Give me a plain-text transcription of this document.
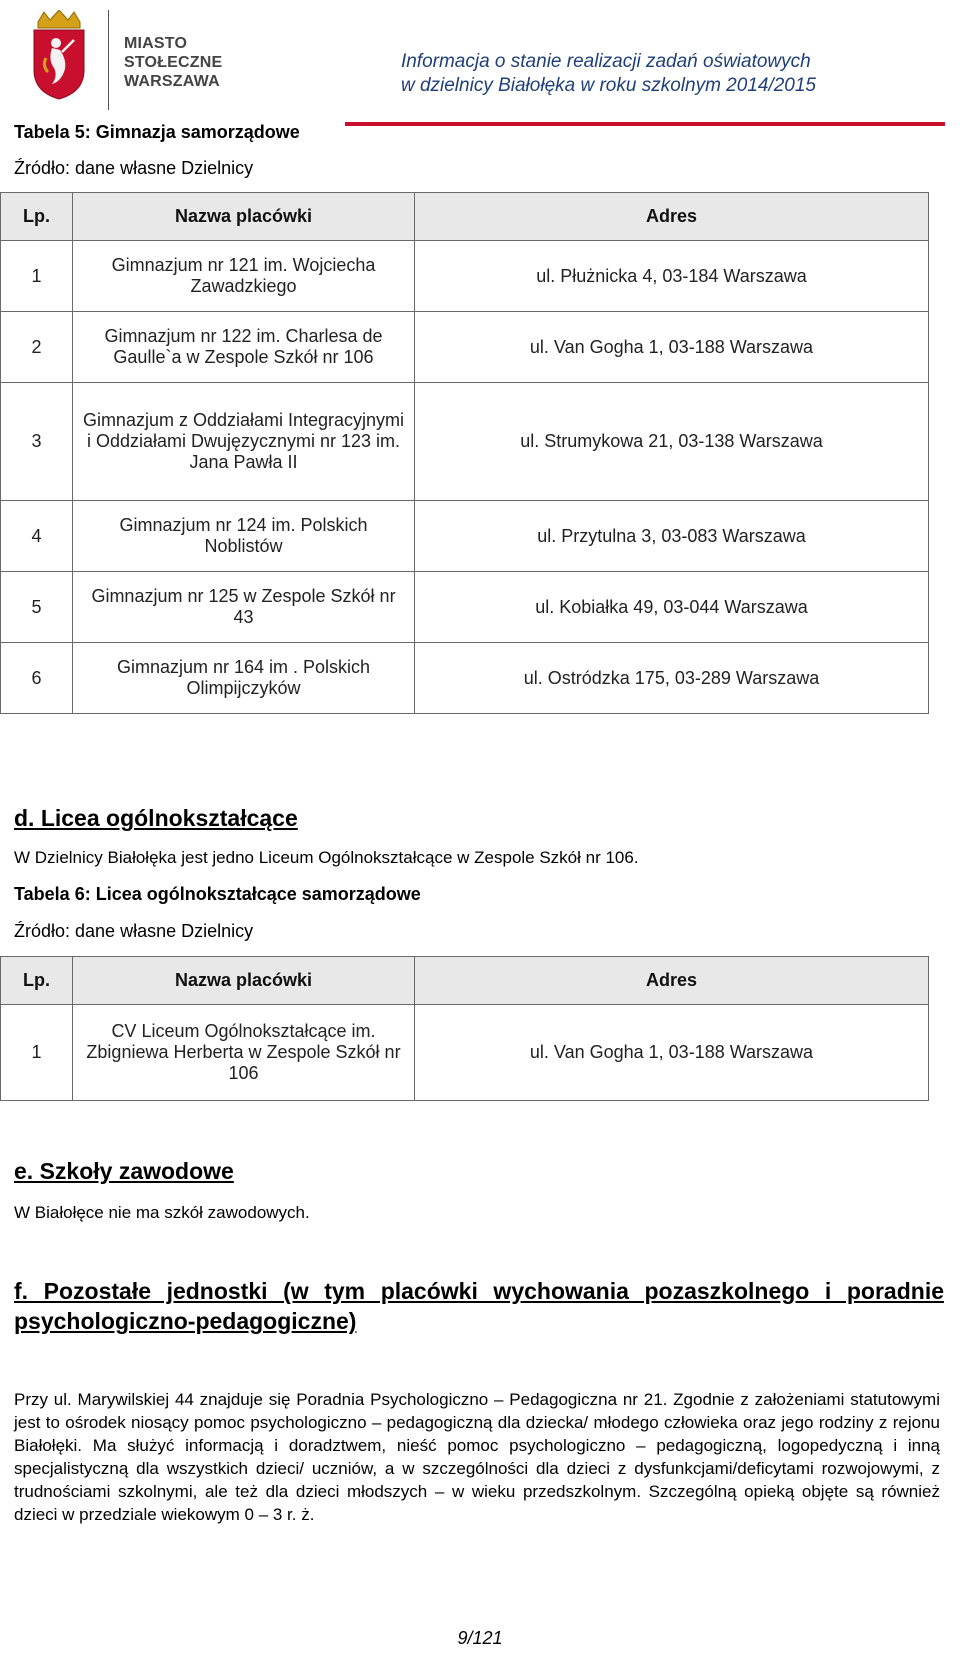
MIASTO
STOŁECZNE
WARSZAWA
Informacja o stanie realizacji zadań oświatowych
w dzielnicy Białołęka w roku szkolnym 2014/2015
Tabela 5: Gimnazja samorządowe
Źródło: dane własne Dzielnicy
Lp.	Nazwa placówki	Adres
1	Gimnazjum nr 121 im. Wojciecha Zawadzkiego	ul. Płużnicka 4, 03-184 Warszawa
2	Gimnazjum nr 122 im. Charlesa de Gaulle`a w Zespole Szkół nr 106	ul. Van Gogha 1, 03-188 Warszawa
3	Gimnazjum z Oddziałami Integracyjnymi i Oddziałami Dwujęzycznymi nr 123 im. Jana Pawła II	ul. Strumykowa 21, 03-138 Warszawa
4	Gimnazjum nr 124 im. Polskich Noblistów	ul. Przytulna 3, 03-083 Warszawa
5	Gimnazjum nr 125 w Zespole Szkół nr 43	ul. Kobiałka 49, 03-044 Warszawa
6	Gimnazjum nr 164 im . Polskich Olimpijczyków	ul. Ostródzka 175, 03-289 Warszawa
d. Licea ogólnokształcące
W Dzielnicy Białołęka jest jedno Liceum Ogólnokształcące w Zespole Szkół nr 106.
Tabela 6: Licea ogólnokształcące samorządowe
Źródło: dane własne Dzielnicy
Lp.	Nazwa placówki	Adres
1	CV Liceum Ogólnokształcące im. Zbigniewa Herberta w Zespole Szkół nr 106	ul. Van Gogha 1, 03-188 Warszawa
e. Szkoły zawodowe
W Białołęce nie ma szkół zawodowych.
f. Pozostałe jednostki (w tym placówki wychowania pozaszkolnego i poradnie psychologiczno-pedagogiczne)
Przy ul. Marywilskiej 44 znajduje się Poradnia Psychologiczno – Pedagogiczna nr 21. Zgodnie z założeniami statutowymi jest to ośrodek niosący pomoc psychologiczno – pedagogiczną dla dziecka/ młodego człowieka oraz jego rodziny z rejonu Białołęki. Ma służyć informacją i doradztwem, nieść pomoc psychologiczno – pedagogiczną, logopedyczną i inną specjalistyczną dla wszystkich dzieci/ uczniów, a w szczególności dla dzieci z dysfunkcjami/deficytami rozwojowymi, z trudnościami szkolnymi, ale też dla dzieci młodszych – w wieku przedszkolnym. Szczególną opieką objęte są również dzieci w przedziale wiekowym 0 – 3 r. ż.
9/121
